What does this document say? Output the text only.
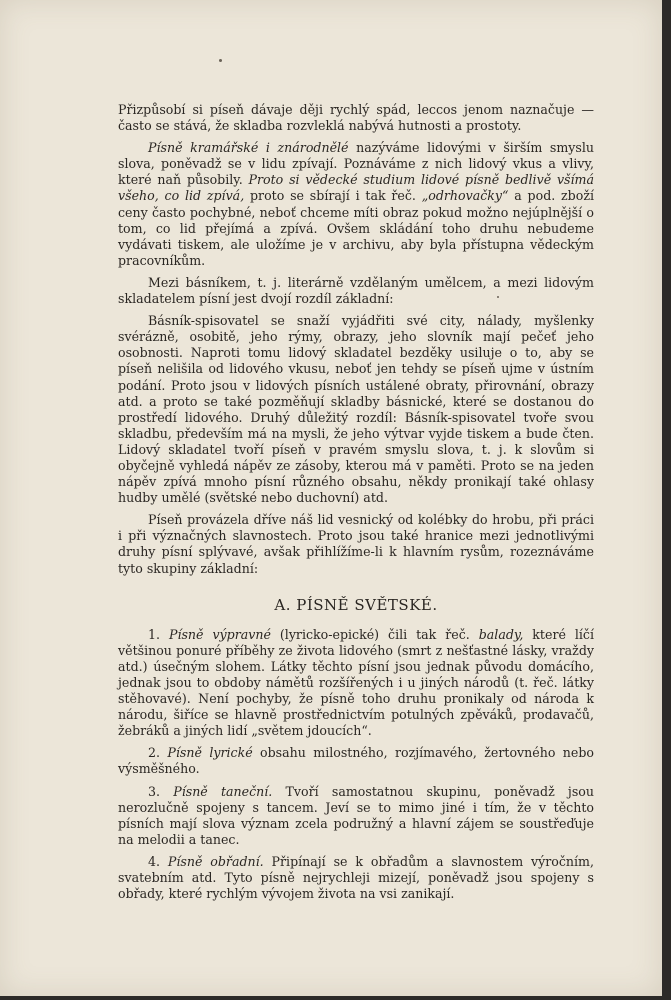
Přizpůsobí si píseň dávaje ději rychlý spád, leccos jenom naznačuje — často se stává, že skladba rozvleklá nabývá hutnosti a prostoty.

Písně kramářské i znárodnělé nazýváme lidovými v širším smyslu slova, poněvadž se v lidu zpívají. Poznáváme z nich lidový vkus a vlivy, které naň působily. Proto si vědecké studium lidové písně bedlivě všímá všeho, co lid zpívá, proto se sbírají i tak řeč. „odrhovačky“ a pod. zboží ceny často pochybné, neboť chceme míti obraz pokud možno nejúplnější o tom, co lid přejímá a zpívá. Ovšem skládání toho druhu nebudeme vydávati tiskem, ale uložíme je v archivu, aby byla přístupna vědeckým pracovníkům.

Mezi básníkem, t. j. literárně vzdělaným umělcem, a mezi lidovým skladatelem písní jest dvojí rozdíl základní:

Básník-spisovatel se snaží vyjádřiti své city, nálady, myšlenky svérázně, osobitě, jeho rýmy, obrazy, jeho slovník mají pečeť jeho osobnosti. Naproti tomu lidový skladatel bezděky usiluje o to, aby se píseň nelišila od lidového vkusu, neboť jen tehdy se píseň ujme v ústním podání. Proto jsou v lidových písních ustálené obraty, přirovnání, obrazy atd. a proto se také pozměňují skladby básnické, které se dostanou do prostředí lidového. Druhý důležitý rozdíl: Básník-spisovatel tvoře svou skladbu, především má na mysli, že jeho výtvar vyjde tiskem a bude čten. Lidový skladatel tvoří píseň v pravém smyslu slova, t. j. k slovům si obyčejně vyhledá nápěv ze zásoby, kterou má v paměti. Proto se na jeden nápěv zpívá mnoho písní různého obsahu, někdy pronikají také ohlasy hudby umělé (světské nebo duchovní) atd.

Píseň provázela dříve náš lid vesnický od kolébky do hrobu, při práci i při význačných slavnostech. Proto jsou také hranice mezi jednotlivými druhy písní splývavé, avšak přihlížíme-li k hlavním rysům, rozeznáváme tyto skupiny základní:

A. PÍSNĚ SVĚTSKÉ.

1. Písně výpravné (lyricko-epické) čili tak řeč. balady, které líčí většinou ponuré příběhy ze života lidového (smrt z nešťastné lásky, vraždy atd.) úsečným slohem. Látky těchto písní jsou jednak původu domácího, jednak jsou to obdoby námětů rozšířených i u jiných národů (t. řeč. látky stěhovavé). Není pochyby, že písně toho druhu pronikaly od národa k národu, šiříce se hlavně prostřednictvím potulných zpěváků, prodavačů, žebráků a jiných lidí „světem jdoucích“.

2. Písně lyrické obsahu milostného, rozjímavého, žertovného nebo výsměšného.

3. Písně taneční. Tvoří samostatnou skupinu, poněvadž jsou nerozlučně spojeny s tancem. Jeví se to mimo jiné i tím, že v těchto písních mají slova význam zcela podružný a hlavní zájem se soustřeďuje na melodii a tanec.

4. Písně obřadní. Připínají se k obřadům a slavnostem výročním, svatebním atd. Tyto písně nejrychleji mizejí, poněvadž jsou spojeny s obřady, které rychlým vývojem života na vsi zanikají.
